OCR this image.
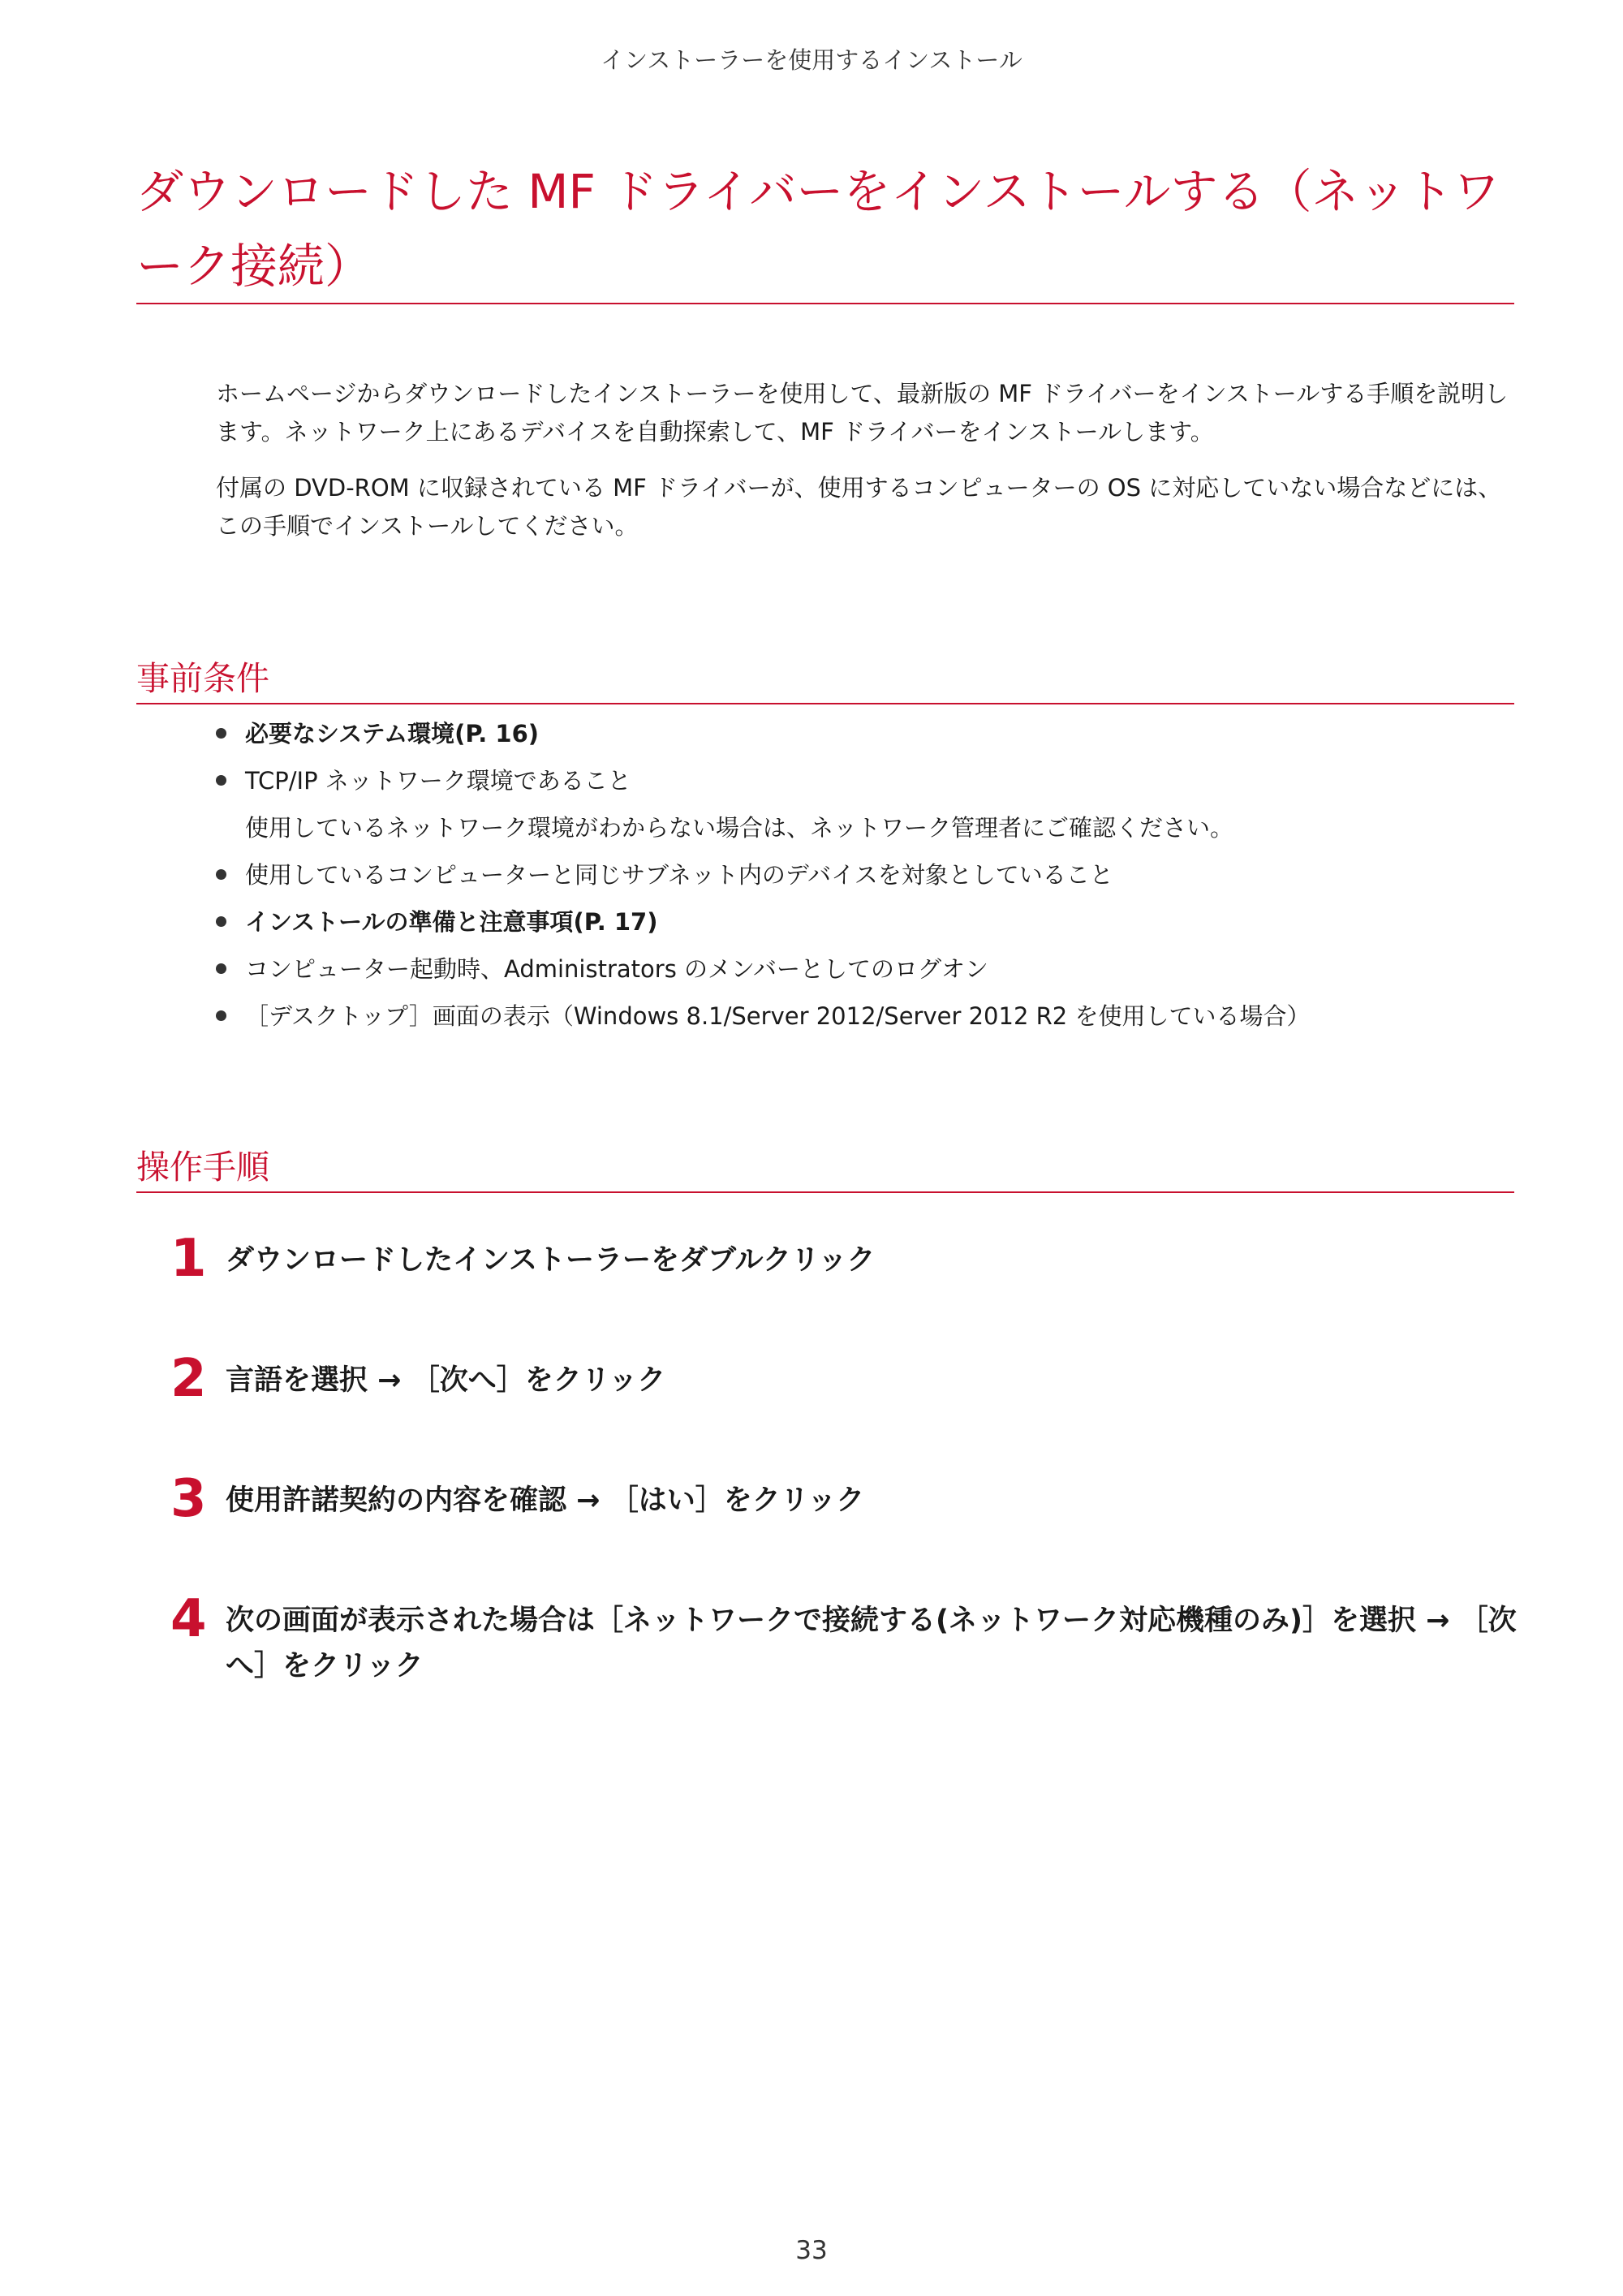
インストーラーを使用するインストール
ダウンロードした MF ドライバーをインストールする（ネットワーク接続）

ホームページからダウンロードしたインストーラーを使用して、最新版の MF ドライバーをインストールする手順を説明します。ネットワーク上にあるデバイスを自動探索して、MF ドライバーをインストールします。

付属の DVD-ROM に収録されている MF ドライバーが、使用するコンピューターの OS に対応していない場合などには、この手順でインストールしてください。

事前条件
必要なシステム環境(P. 16)
TCP/IP ネットワーク環境であること
使用しているネットワーク環境がわからない場合は、ネットワーク管理者にご確認ください。
使用しているコンピューターと同じサブネット内のデバイスを対象としていること
インストールの準備と注意事項(P. 17)
コンピューター起動時、Administrators のメンバーとしてのログオン
［デスクトップ］画面の表示（Windows 8.1/Server 2012/Server 2012 R2 を使用している場合）
操作手順
1 ダウンロードしたインストーラーをダブルクリック
2 言語を選択 → ［次へ］をクリック
3 使用許諾契約の内容を確認 → ［はい］をクリック
4 次の画面が表示された場合は［ネットワークで接続する(ネットワーク対応機種のみ)］を選択 → ［次へ］をクリック
33
